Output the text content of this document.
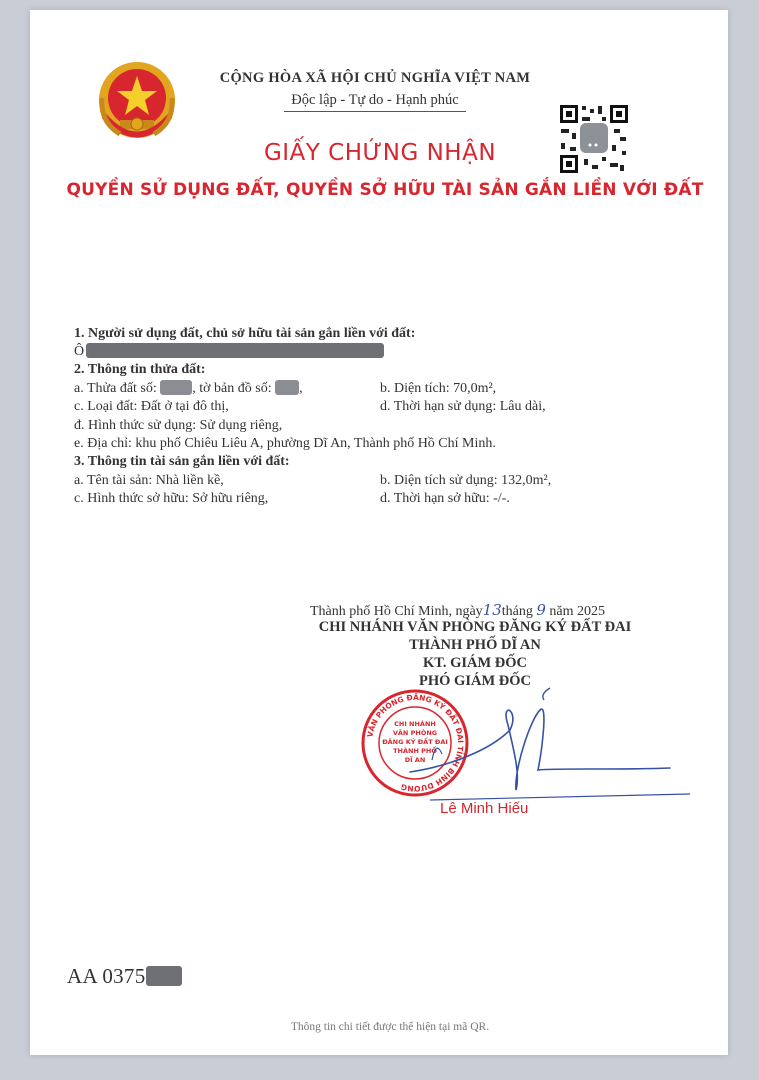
CỘNG HÒA XÃ HỘI CHỦ NGHĨA VIỆT NAM
Độc lập - Tự do - Hạnh phúc
GIẤY CHỨNG NHẬN
QUYỀN SỬ DỤNG ĐẤT, QUYỀN SỞ HỮU TÀI SẢN GẮN LIỀN VỚI ĐẤT
1. Người sử dụng đất, chủ sở hữu tài sản gắn liền với đất:
Ô
2. Thông tin thửa đất:
a. Thửa đất số:	, tờ bản đồ số: ,	b. Diện tích: 70,0m²,
c. Loại đất: Đất ở tại đô thị,	d. Thời hạn sử dụng: Lâu dài,
đ. Hình thức sử dụng: Sử dụng riêng,
e. Địa chỉ: khu phố Chiêu Liêu A, phường Dĩ An, Thành phố Hồ Chí Minh.
3. Thông tin tài sản gắn liền với đất:
a. Tên tài sản: Nhà liền kề,	b. Diện tích sử dụng: 132,0m²,
c. Hình thức sở hữu: Sở hữu riêng,	d. Thời hạn sở hữu: -/-.
Thành phố Hồ Chí Minh, ngày13tháng 9 năm 2025
CHI NHÁNH VĂN PHÒNG ĐĂNG KÝ ĐẤT ĐAI
THÀNH PHỐ DĨ AN
KT. GIÁM ĐỐC
PHÓ GIÁM ĐỐC
VĂN PHÒNG ĐĂNG KÝ ĐẤT ĐAI TỈNH BÌNH DƯƠNG
CHI NHÁNH
VĂN PHÒNG
ĐĂNG KÝ ĐẤT ĐAI
THÀNH PHỐ
DĨ AN
Lê Minh Hiếu
AA 0375
Thông tin chi tiết được thể hiện tại mã QR.
